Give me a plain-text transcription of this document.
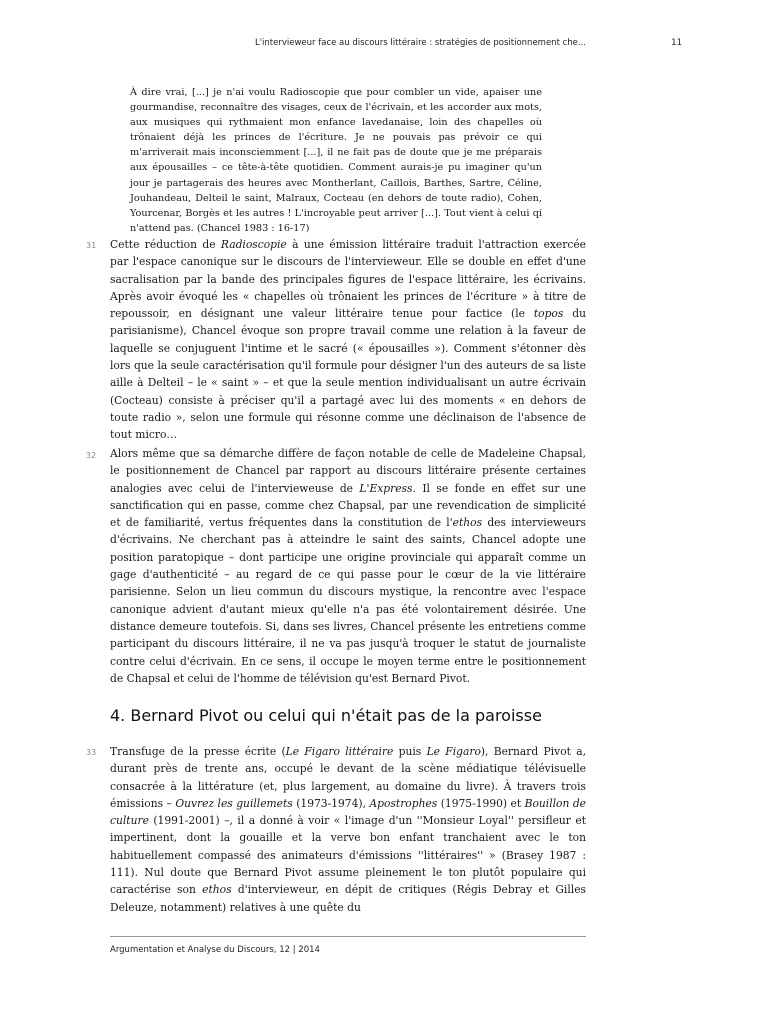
L'intervieweur face au discours littéraire : stratégies de positionnement che...	11
À dire vrai, [...] je n'ai voulu Radioscopie que pour combler un vide, apaiser une gourmandise, reconnaître des visages, ceux de l'écrivain, et les accorder aux mots, aux musiques qui rythmaient mon enfance lavedanaise, loin des chapelles où trônaient déjà les princes de l'écriture. Je ne pouvais pas prévoir ce qui m'arriverait mais inconsciemment [...], il ne fait pas de doute que je me préparais aux épousailles – ce tête-à-tête quotidien. Comment aurais-je pu imaginer qu'un jour je partagerais des heures avec Montherlant, Caillois, Barthes, Sartre, Céline, Jouhandeau, Delteil le saint, Malraux, Cocteau (en dehors de toute radio), Cohen, Yourcenar, Borgès et les autres ! L'incroyable peut arriver [...]. Tout vient à celui qi n'attend pas. (Chancel 1983 : 16-17)
31 Cette réduction de Radioscopie à une émission littéraire traduit l'attraction exercée par l'espace canonique sur le discours de l'intervieweur. Elle se double en effet d'une sacralisation par la bande des principales figures de l'espace littéraire, les écrivains. Après avoir évoqué les « chapelles où trônaient les princes de l'écriture » à titre de repoussoir, en désignant une valeur littéraire tenue pour factice (le topos du parisianisme), Chancel évoque son propre travail comme une relation à la faveur de laquelle se conjuguent l'intime et le sacré (« épousailles »). Comment s'étonner dès lors que la seule caractérisation qu'il formule pour désigner l'un des auteurs de sa liste aille à Delteil – le « saint » – et que la seule mention individualisant un autre écrivain (Cocteau) consiste à préciser qu'il a partagé avec lui des moments « en dehors de toute radio », selon une formule qui résonne comme une déclinaison de l'absence de tout micro…
32 Alors même que sa démarche diffère de façon notable de celle de Madeleine Chapsal, le positionnement de Chancel par rapport au discours littéraire présente certaines analogies avec celui de l'intervieweuse de L'Express. Il se fonde en effet sur une sanctification qui en passe, comme chez Chapsal, par une revendication de simplicité et de familiarité, vertus fréquentes dans la constitution de l'ethos des intervieweurs d'écrivains. Ne cherchant pas à atteindre le saint des saints, Chancel adopte une position paratopique – dont participe une origine provinciale qui apparaît comme un gage d'authenticité – au regard de ce qui passe pour le cœur de la vie littéraire parisienne. Selon un lieu commun du discours mystique, la rencontre avec l'espace canonique advient d'autant mieux qu'elle n'a pas été volontairement désirée. Une distance demeure toutefois. Si, dans ses livres, Chancel présente les entretiens comme participant du discours littéraire, il ne va pas jusqu'à troquer le statut de journaliste contre celui d'écrivain. En ce sens, il occupe le moyen terme entre le positionnement de Chapsal et celui de l'homme de télévision qu'est Bernard Pivot.
4. Bernard Pivot ou celui qui n'était pas de la paroisse
33 Transfuge de la presse écrite (Le Figaro littéraire puis Le Figaro), Bernard Pivot a, durant près de trente ans, occupé le devant de la scène médiatique télévisuelle consacrée à la littérature (et, plus largement, au domaine du livre). À travers trois émissions – Ouvrez les guillemets (1973-1974), Apostrophes (1975-1990) et Bouillon de culture (1991-2001) –, il a donné à voir « l'image d'un ''Monsieur Loyal'' persifleur et impertinent, dont la gouaille et la verve bon enfant tranchaient avec le ton habituellement compassé des animateurs d'émissions ''littéraires'' » (Brasey 1987 : 111). Nul doute que Bernard Pivot assume pleinement le ton plutôt populaire qui caractérise son ethos d'intervieweur, en dépit de critiques (Régis Debray et Gilles Deleuze, notamment) relatives à une quête du
Argumentation et Analyse du Discours, 12 | 2014
